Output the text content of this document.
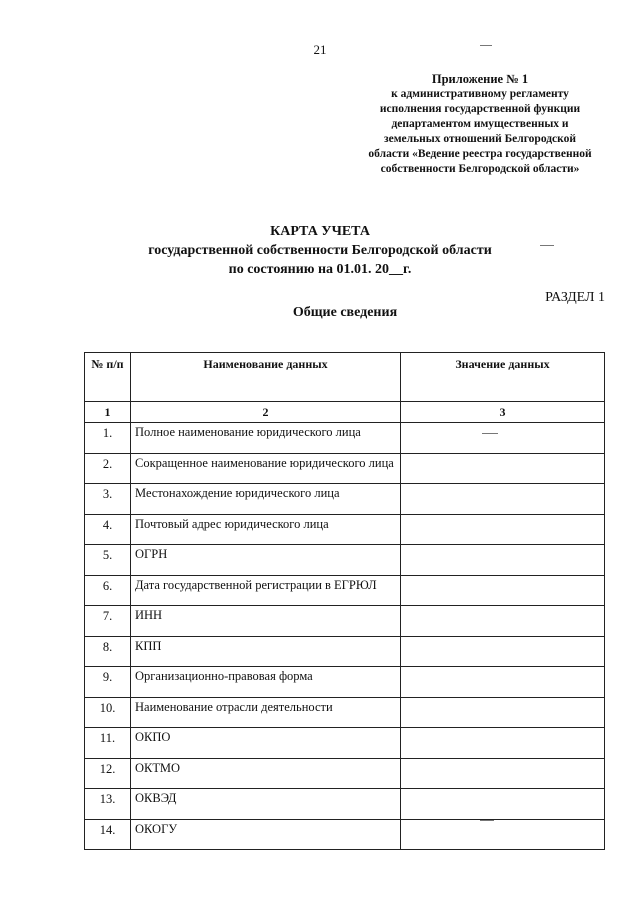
21
Приложение № 1
к административному регламенту
исполнения государственной функции
департаментом имущественных и
земельных отношений Белгородской
области «Ведение реестра государственной
собственности Белгородской области»
КАРТА УЧЕТА
государственной собственности Белгородской области
по состоянию на 01.01. 20__г.
РАЗДЕЛ 1
Общие сведения
№ п/п	Наименование данных	Значение данных
1	2	3
1.	Полное наименование юридического лица	
2.	Сокращенное наименование юридического лица	
3.	Местонахождение юридического лица	
4.	Почтовый адрес юридического лица	
5.	ОГРН	
6.	Дата государственной регистрации в ЕГРЮЛ	
7.	ИНН	
8.	КПП	
9.	Организационно-правовая форма	
10.	Наименование отрасли деятельности	
11.	ОКПО	
12.	ОКТМО	
13.	ОКВЭД	
14.	ОКОГУ	
